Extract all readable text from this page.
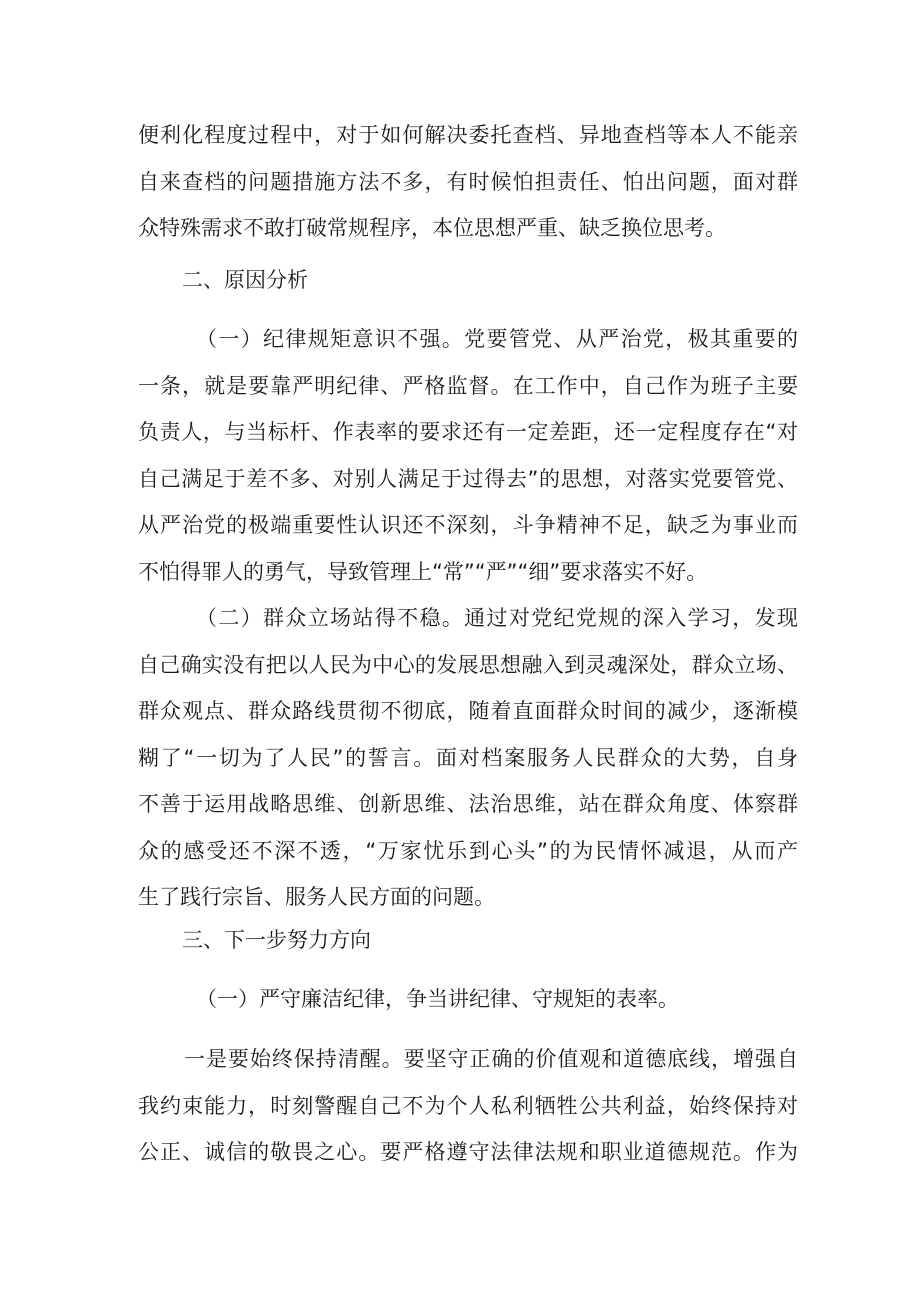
便利化程度过程中，对于如何解决委托查档、异地查档等本人不能亲
自来查档的问题措施方法不多，有时候怕担责任、怕出问题，面对群
众特殊需求不敢打破常规程序，本位思想严重、缺乏换位思考。
二、原因分析
（一）纪律规矩意识不强。党要管党、从严治党，极其重要的
一条，就是要靠严明纪律、严格监督。在工作中，自己作为班子主要
负责人，与当标杆、作表率的要求还有一定差距，还一定程度存在“对
自己满足于差不多、对别人满足于过得去”的思想，对落实党要管党、
从严治党的极端重要性认识还不深刻，斗争精神不足，缺乏为事业而
不怕得罪人的勇气，导致管理上“常”“严”“细”要求落实不好。
（二）群众立场站得不稳。通过对党纪党规的深入学习，发现
自己确实没有把以人民为中心的发展思想融入到灵魂深处，群众立场、
群众观点、群众路线贯彻不彻底，随着直面群众时间的减少，逐渐模
糊了“一切为了人民”的誓言。面对档案服务人民群众的大势，自身
不善于运用战略思维、创新思维、法治思维，站在群众角度、体察群
众的感受还不深不透，“万家忧乐到心头”的为民情怀减退，从而产
生了践行宗旨、服务人民方面的问题。
三、下一步努力方向
（一）严守廉洁纪律，争当讲纪律、守规矩的表率。
一是要始终保持清醒。要坚守正确的价值观和道德底线，增强自
我约束能力，时刻警醒自己不为个人私利牺牲公共利益，始终保持对
公正、诚信的敬畏之心。要严格遵守法律法规和职业道德规范。作为
